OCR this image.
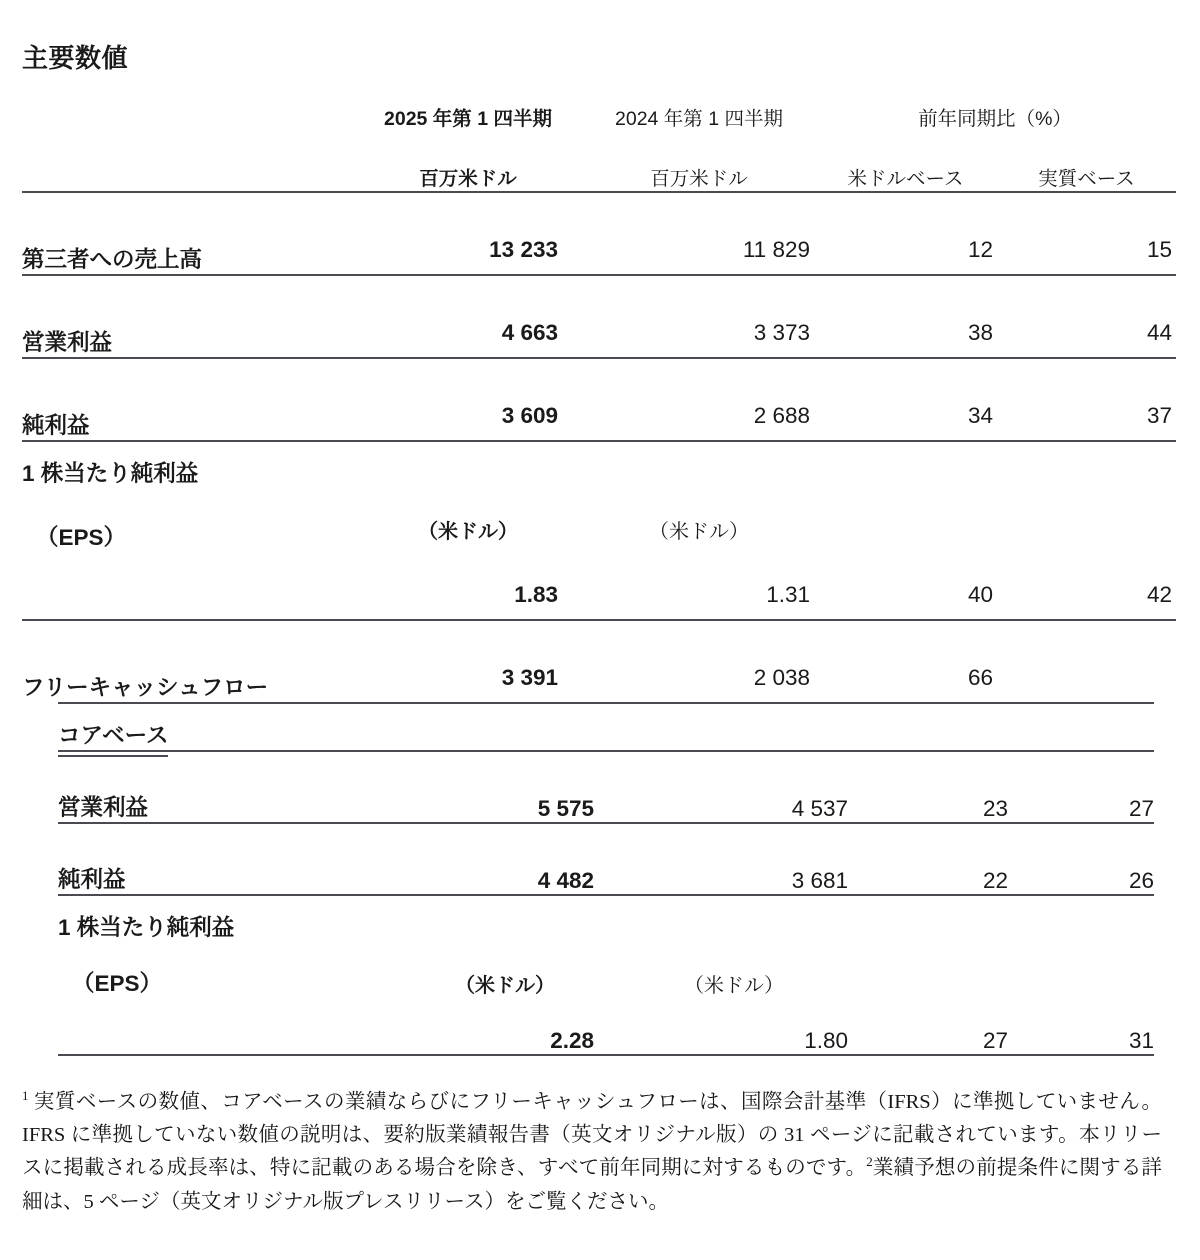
主要数値
	2025 年第 1 四半期	2024 年第 1 四半期	前年同期比（%）	
	百万米ドル	百万米ドル	米ドルベース	実質ベース
第三者への売上高	13 233	11 829	12	15
営業利益	4 663	3 373	38	44
純利益	3 609	2 688	34	37
1 株当たり純利益				
（EPS）	（米ドル）	（米ドル）		
	1.83	1.31	40	42
フリーキャッシュフロー	3 391	2 038	66	
コアベース				
営業利益	5 575	4 537	23	27
純利益	4 482	3 681	22	26
1 株当たり純利益				
（EPS）	（米ドル）	（米ドル）		
	2.28	1.80	27	31

$^1$ 実質ベースの数値、コアベースの業績ならびにフリーキャッシュフローは、国際会計基準（IFRS）に準拠していません。IFRS に準拠していない数値の説明は、要約版業績報告書（英文オリジナル版）の 31 ページに記載されています。本リリースに掲載される成長率は、特に記載のある場合を除き、すべて前年同期に対するものです。$^2$業績予想の前提条件に関する詳細は、5 ページ（英文オリジナル版プレスリリース）をご覧ください。
